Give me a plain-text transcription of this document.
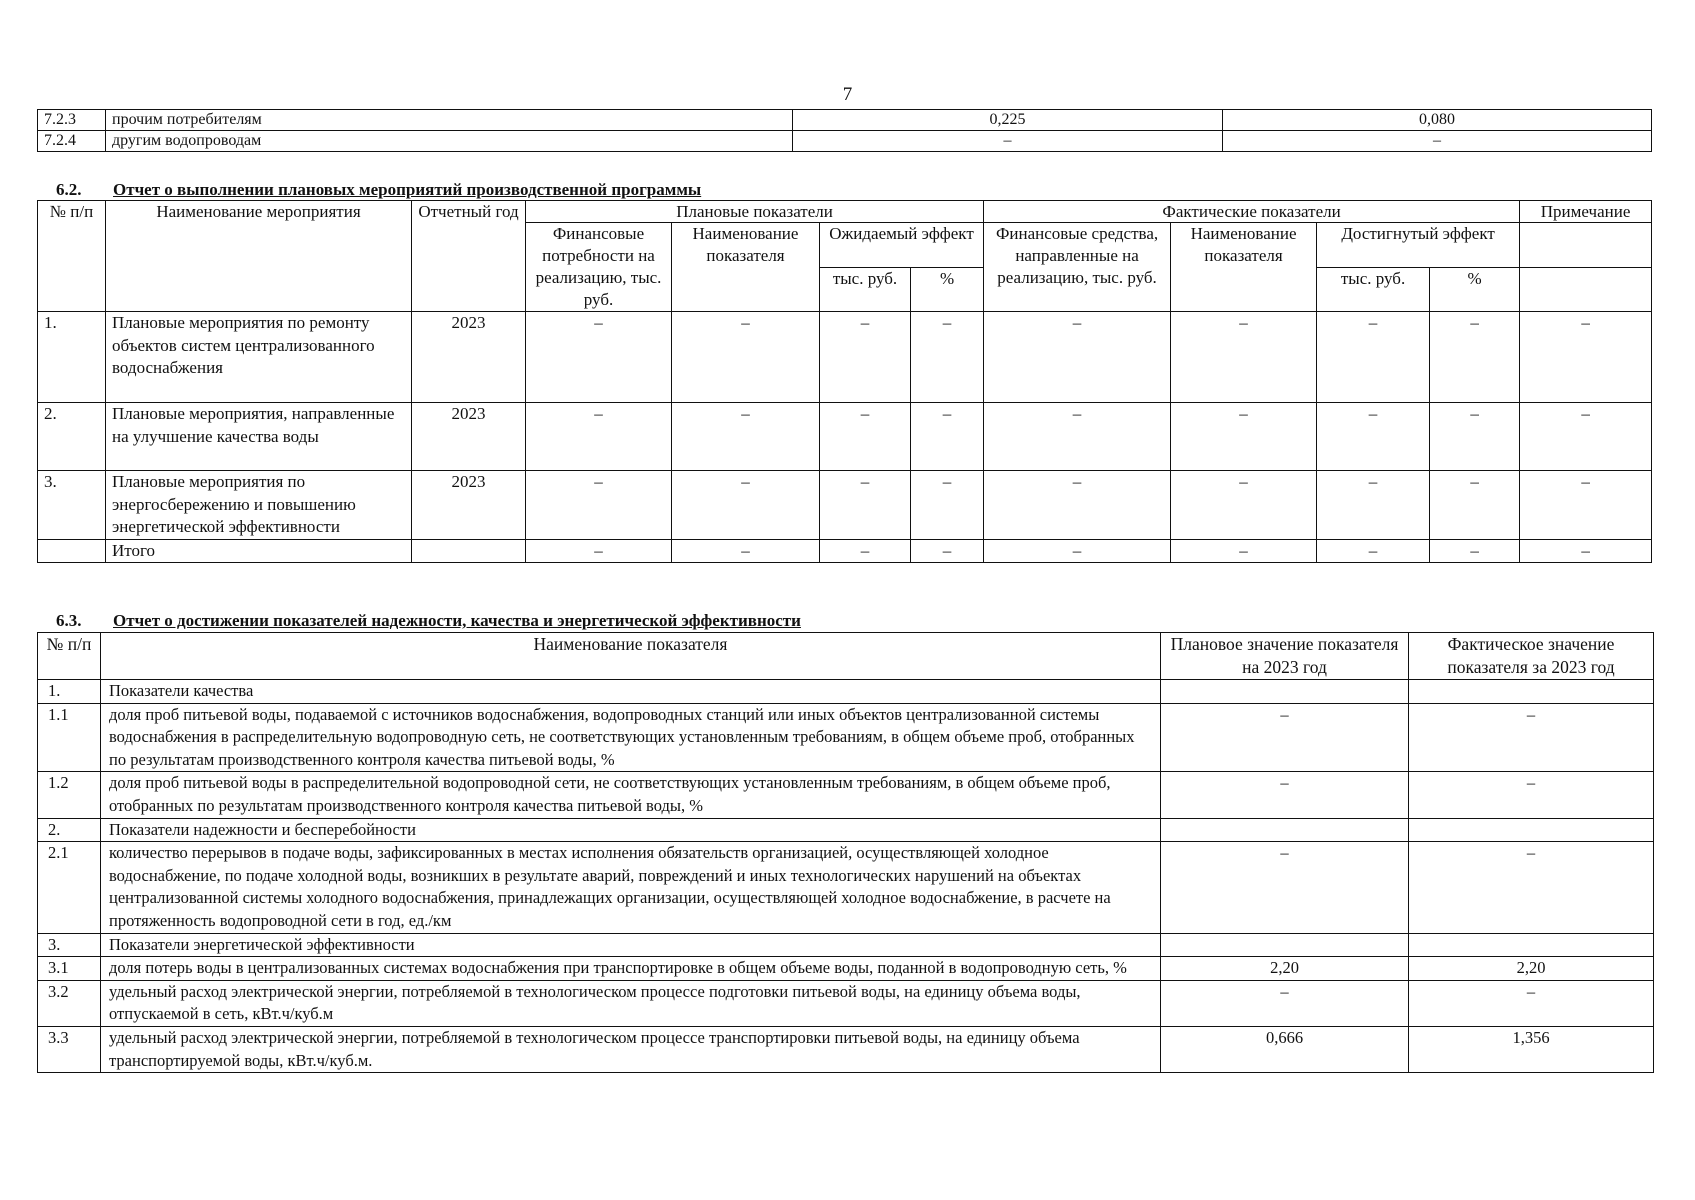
7
7.2.3	прочим потребителям	0,225	0,080
7.2.4	другим водопроводам	–	–
6.2. Отчет о выполнении плановых мероприятий производственной программы
№ п/п	Наименование мероприятия	Отчетный год	Плановые показатели				Фактические показатели				Примечание
			Финансовые потребности на реализацию, тыс. руб.	Наименование показателя	Ожидаемый эффект		Финансовые средства, направленные на реализацию, тыс. руб.	Наименование показателя	Достигнутый эффект		
					тыс. руб.	%			тыс. руб.	%	
1.	Плановые мероприятия по ремонту объектов систем централизованного водоснабжения	2023	–	–	–	–	–	–	–	–	–
2.	Плановые мероприятия, направленные на улучшение качества воды	2023	–	–	–	–	–	–	–	–	–
3.	Плановые мероприятия по энергосбережению и повышению энергетической эффективности	2023	–	–	–	–	–	–	–	–	–
	Итого		–	–	–	–	–	–	–	–	–
6.3. Отчет о достижении показателей надежности, качества и энергетической эффективности
№ п/п	Наименование показателя	Плановое значение показателя на 2023 год	Фактическое значение показателя за 2023 год
1.	Показатели качества		
1.1	доля проб питьевой воды, подаваемой с источников водоснабжения, водопроводных станций или иных объектов централизованной системы водоснабжения в распределительную водопроводную сеть, не соответствующих установленным требованиям, в общем объеме проб, отобранных по результатам производственного контроля качества питьевой воды, %	–	–
1.2	доля проб питьевой воды в распределительной водопроводной сети, не соответствующих установленным требованиям, в общем объеме проб, отобранных по результатам производственного контроля качества питьевой воды, %	–	–
2.	Показатели надежности и бесперебойности		
2.1	количество перерывов в подаче воды, зафиксированных в местах исполнения обязательств организацией, осуществляющей холодное водоснабжение, по подаче холодной воды, возникших в результате аварий, повреждений и иных технологических нарушений на объектах централизованной системы холодного водоснабжения, принадлежащих организации, осуществляющей холодное водоснабжение, в расчете на протяженность водопроводной сети в год, ед./км	–	–
3.	Показатели энергетической эффективности		
3.1	доля потерь воды в централизованных системах водоснабжения при транспортировке в общем объеме воды, поданной в водопроводную сеть, %	2,20	2,20
3.2	удельный расход электрической энергии, потребляемой в технологическом процессе подготовки питьевой воды, на единицу объема воды, отпускаемой в сеть, кВт.ч/куб.м	–	–
3.3	удельный расход электрической энергии, потребляемой в технологическом процессе транспортировки питьевой воды, на единицу объема транспортируемой воды, кВт.ч/куб.м.	0,666	1,356
